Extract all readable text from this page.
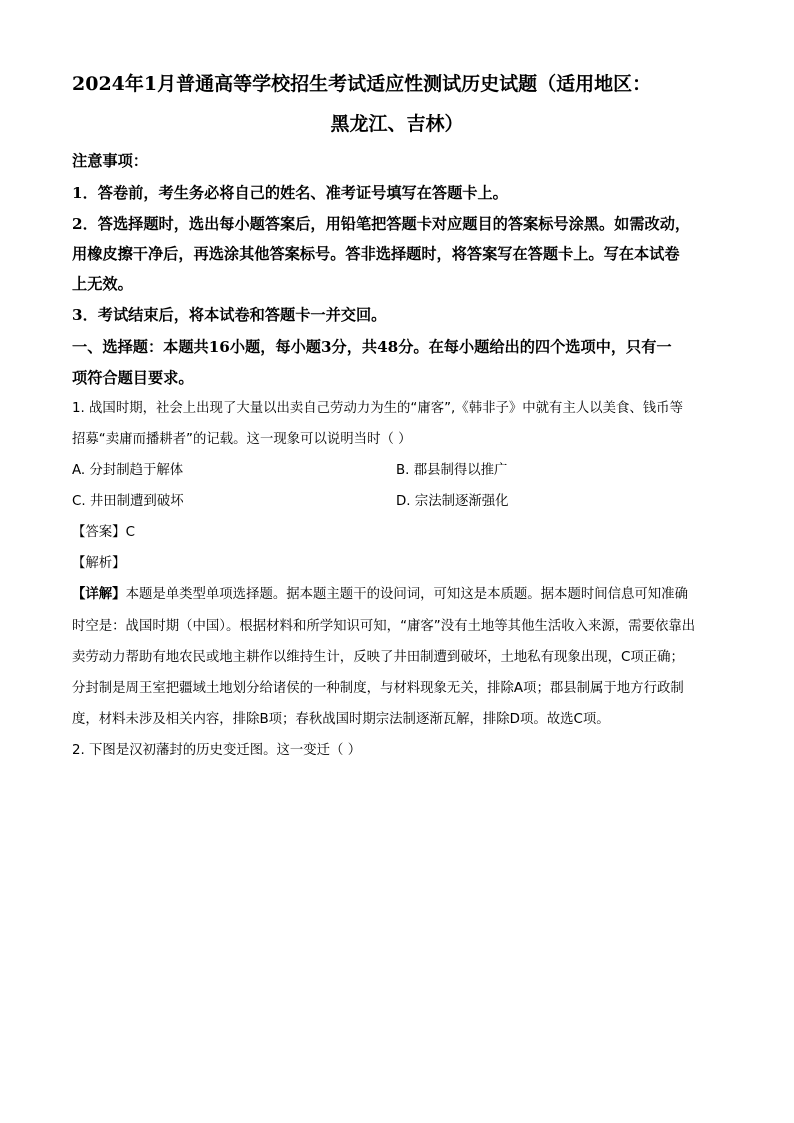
2024年1月普通高等学校招生考试适应性测试历史试题（适用地区：
黑龙江、吉林）
注意事项：
1．答卷前，考生务必将自己的姓名、准考证号填写在答题卡上。
2．答选择题时，选出每小题答案后，用铅笔把答题卡对应题目的答案标号涂黑。如需改动，
用橡皮擦干净后，再选涂其他答案标号。答非选择题时，将答案写在答题卡上。写在本试卷
上无效。
3．考试结束后，将本试卷和答题卡一并交回。
一、选择题：本题共16小题，每小题3分，共48分。在每小题给出的四个选项中，只有一
项符合题目要求。
1. 战国时期，社会上出现了大量以出卖自己劳动力为生的“庸客”,《韩非子》中就有主人以美食、钱币等
招募“卖庸而播耕者”的记载。这一现象可以说明当时（ ）
A. 分封制趋于解体	B. 郡县制得以推广
C. 井田制遭到破坏	D. 宗法制逐渐强化
【答案】C
【解析】
【详解】本题是单类型单项选择题。据本题主题干的设问词，可知这是本质题。据本题时间信息可知准确
时空是：战国时期（中国）。根据材料和所学知识可知，“庸客”没有土地等其他生活收入来源，需要依靠出
卖劳动力帮助有地农民或地主耕作以维持生计，反映了井田制遭到破坏，土地私有现象出现，C项正确；
分封制是周王室把疆域土地划分给诸侯的一种制度，与材料现象无关，排除A项；郡县制属于地方行政制
度，材料未涉及相关内容，排除B项；春秋战国时期宗法制逐渐瓦解，排除D项。故选C项。
2. 下图是汉初藩封的历史变迁图。这一变迁（ ）
